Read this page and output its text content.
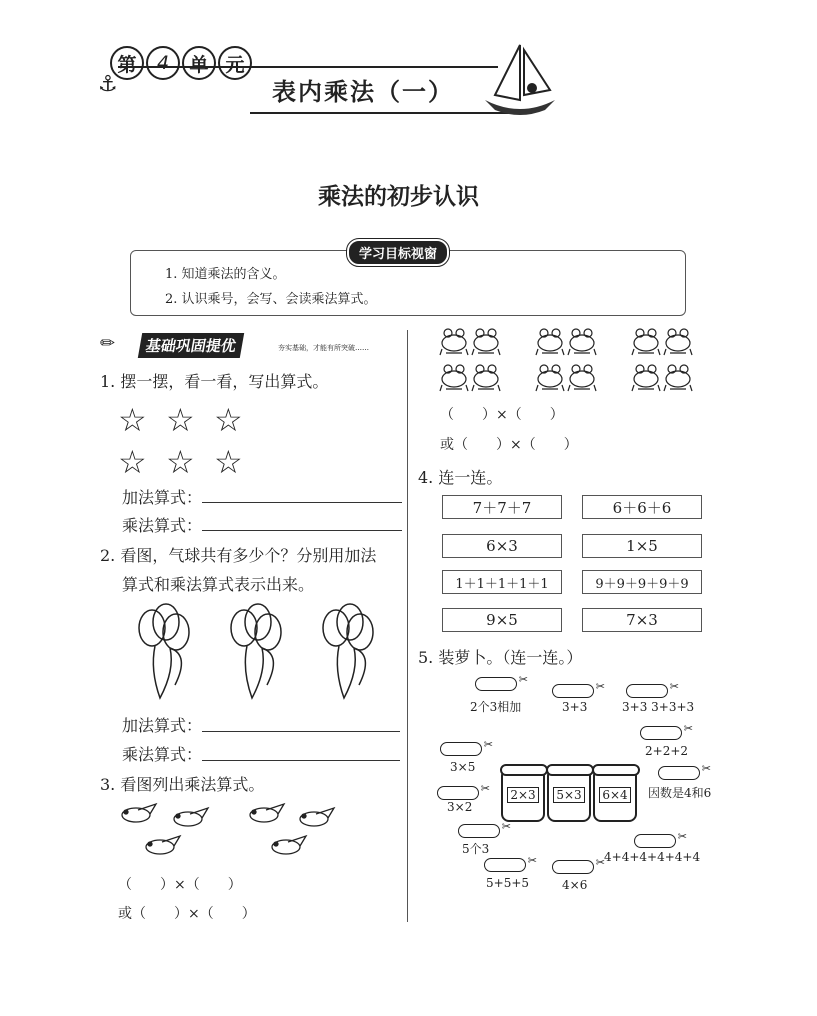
第	4	单 元
⚓	表内乘法（一）
乘法的初步认识
1. 知道乘法的含义。
2. 认识乘号，会写、会读乘法算式。
学习目标视窗
✏	基础巩固提优	夯实基础，才能有所突破……
1. 摆一摆，看一看，写出算式。
☆ ☆ ☆
☆ ☆ ☆
加法算式：
乘法算式：
2. 看图，气球共有多少个？分别用加法
算式和乘法算式表示出来。
加法算式：
乘法算式：
3. 看图列出乘法算式。
（　　）×（　　）
或（　　）×（　　）
（　　）×（　　）
或（　　）×（　　）
4. 连一连。
7＋7＋7	6＋6＋6
6×3	1×5
1＋1＋1＋1＋1	9＋9＋9＋9＋9
9×5	7×3
5. 装萝卜。（连一连。）
✂
2个3相加
✂	3+3
✂	3+3 3+3+3
✂
2+2+2
✂
3×5
✂
3×2
✂
因数是4和6
2×3 5×3 6×4
✂
5个3
✂
5+5+5
✂	4×6
✂
4+4+4+4+4+4
